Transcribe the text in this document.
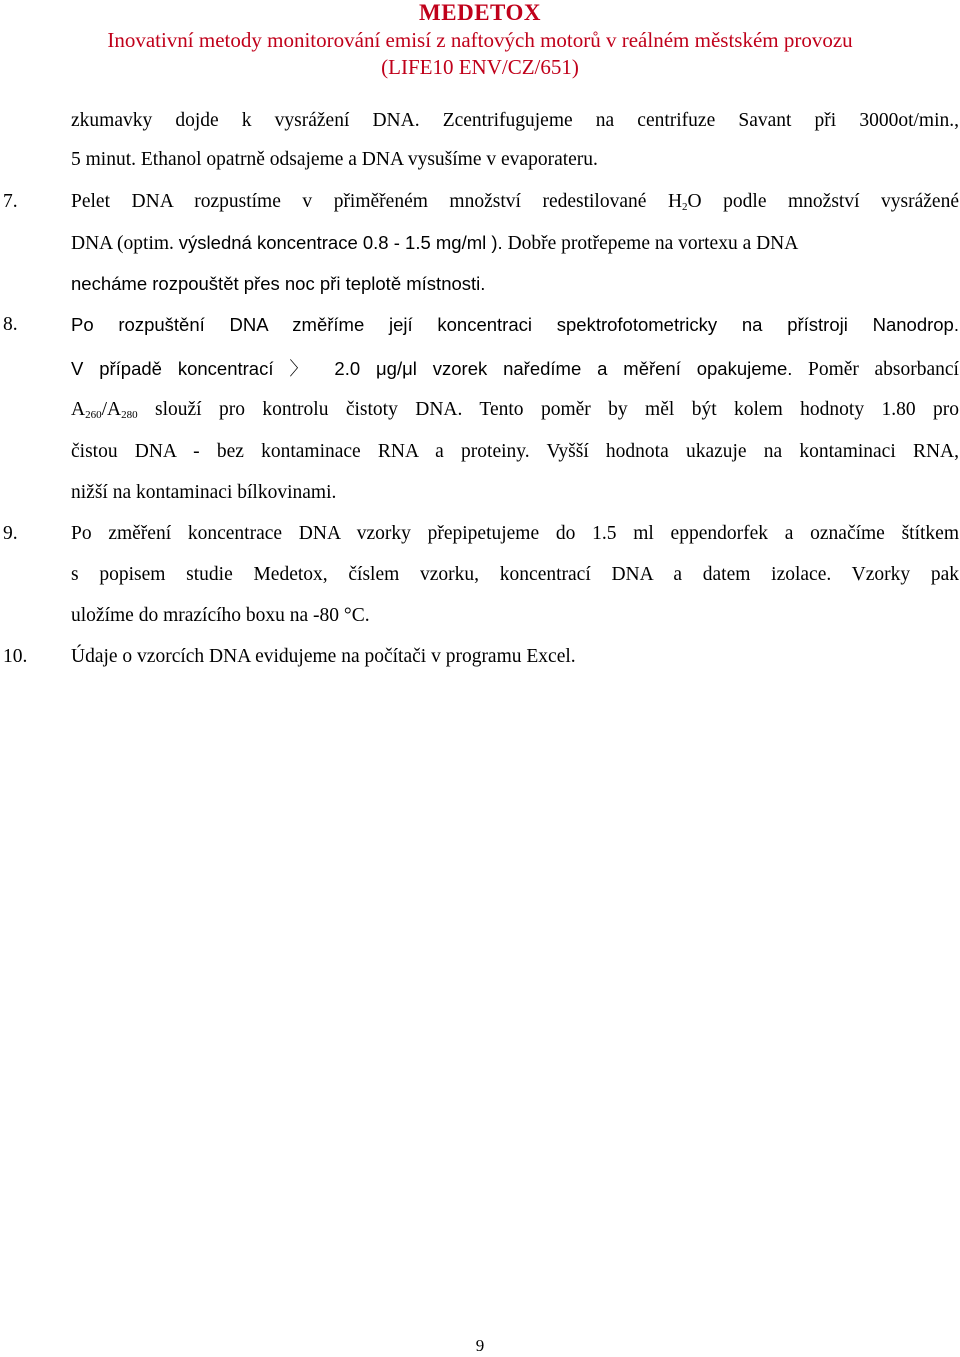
MEDETOX
Inovativní metody monitorování emisí z naftových motorů v reálném městském provozu
(LIFE10 ENV/CZ/651)
zkumavky dojde k vysrážení DNA. Zcentrifugujeme na centrifuze Savant při 3000ot/min.,
5 minut. Ethanol opatrně odsajeme a DNA vysušíme v evaporateru.
7.	Pelet DNA rozpustíme v přiměřeném množství redestilované $H_2O$ podle množství vysrážené
DNA (optim. výsledná koncentrace 0.8 - 1.5 mg/ml ). Dobře protřepeme na vortexu a DNA
necháme rozpouštět přes noc při teplotě místnosti.
8.	Po rozpuštění DNA změříme její koncentraci spektrofotometricky na přístroji Nanodrop.
V případě koncentrací 〉 2.0 μg/μl vzorek naředíme a měření opakujeme. Poměr absorbancí
$A_{260}/A_{280}$ slouží pro kontrolu čistoty DNA. Tento poměr by měl být kolem hodnoty 1.80 pro
čistou DNA - bez kontaminace RNA a proteiny. Vyšší hodnota ukazuje na kontaminaci RNA,
nižší na kontaminaci bílkovinami.
9.	Po změření koncentrace DNA vzorky přepipetujeme do 1.5 ml eppendorfek a označíme štítkem
s popisem studie Medetox, číslem vzorku, koncentrací DNA a datem izolace. Vzorky pak
uložíme do mrazícího boxu na -80 °C.
10. Údaje o vzorcích DNA evidujeme na počítači v programu Excel.
9
